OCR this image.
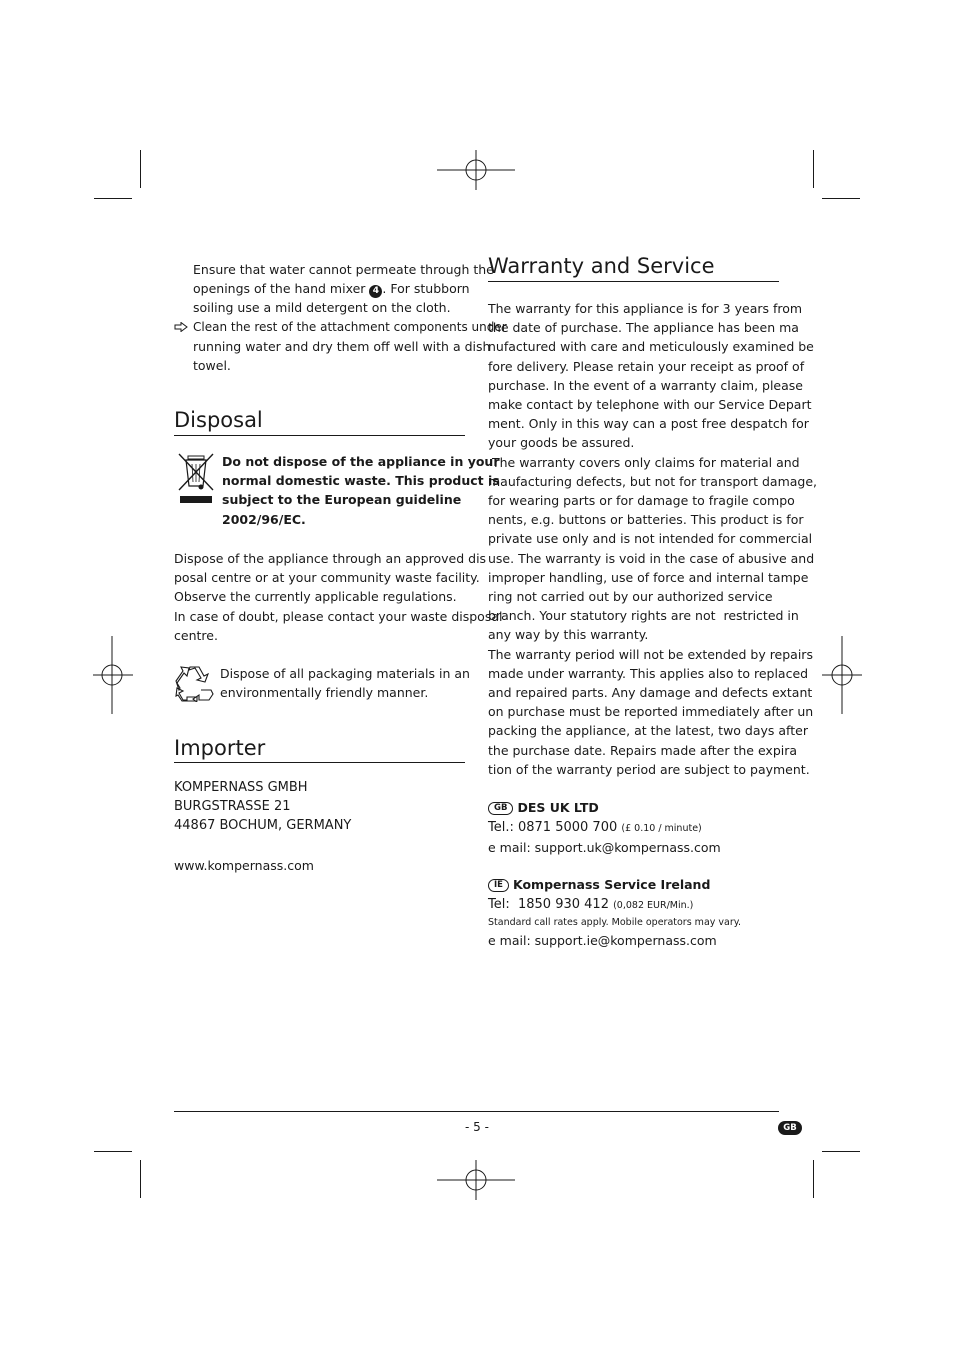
Ensure that water cannot permeate through the
openings of the hand mixer 4 . For stubborn
soiling use a mild detergent on the cloth.
Clean the rest of the attachment components under
running water and dry them off well with a dish
towel.
Disposal
Do not dispose of the appliance in your
normal domestic waste. This product is
subject to the European guideline
2002/96/EC.
Dispose of the appliance through an approved dis
posal centre or at your community waste facility.
Observe the currently applicable regulations.
In case of doubt, please contact your waste disposal
centre.
Dispose of all packaging materials in an
environmentally friendly manner.
Importer
KOMPERNASS GMBH
BURGSTRASSE 21
44867 BOCHUM, GERMANY
www.kompernass.com
Warranty and Service
The warranty for this appliance is for 3 years from
the date of purchase. The appliance has been ma
nufactured with care and meticulously examined be
fore delivery. Please retain your receipt as proof of
purchase. In the event of a warranty claim, please
make contact by telephone with our Service Depart
ment. Only in this way can a post free despatch for
your goods be assured.
The warranty covers only claims for material and
maufacturing defects, but not for transport damage,
for wearing parts or for damage to fragile compo
nents, e.g. buttons or batteries. This product is for
private use only and is not intended for commercial
use. The warranty is void in the case of abusive and
improper handling, use of force and internal tampe
ring not carried out by our authorized service
branch. Your statutory rights are not  restricted in
any way by this warranty.
The warranty period will not be extended by repairs
made under warranty. This applies also to replaced
and repaired parts. Any damage and defects extant
on purchase must be reported immediately after un
packing the appliance, at the latest, two days after
the purchase date. Repairs made after the expira
tion of the warranty period are subject to payment.
GB DES UK LTD
Tel.: 0871 5000 700 (£ 0.10 / minute)
e mail: support.uk@kompernass.com
IE Kompernass Service Ireland
Tel:  1850 930 412 (0,082 EUR/Min.)
Standard call rates apply. Mobile operators may vary.
e mail: support.ie@kompernass.com
- 5 -	GB
